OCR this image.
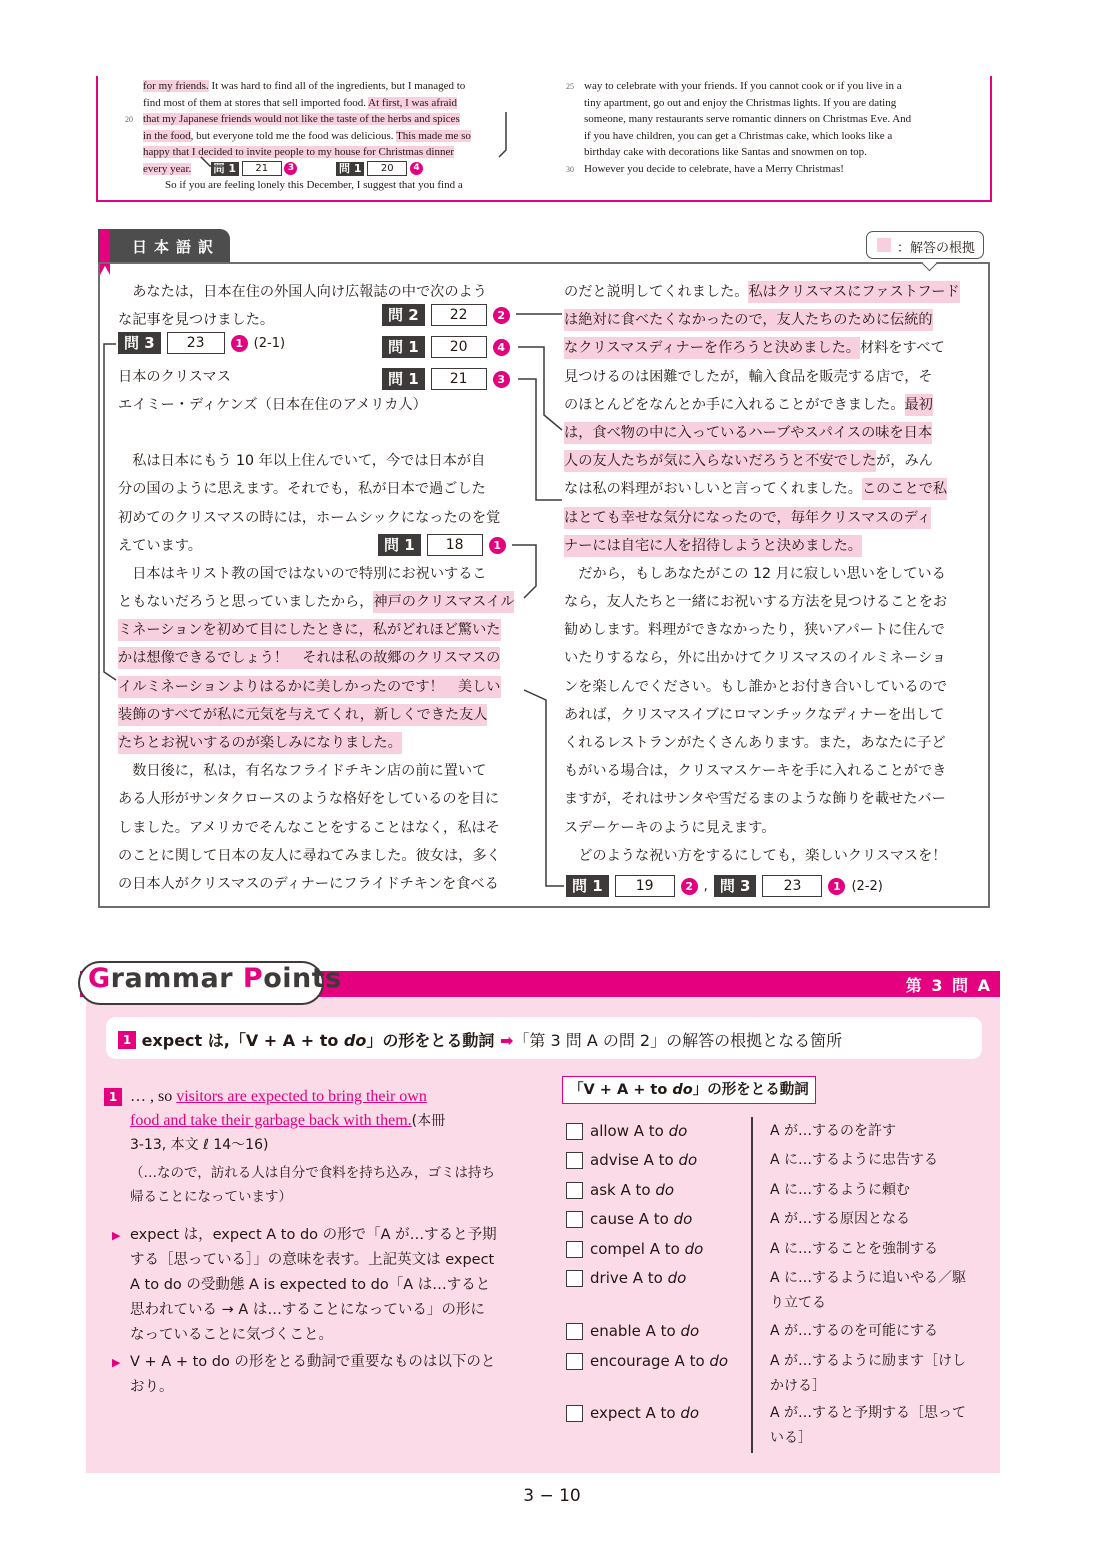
for my friends. It was hard to find all of the ingredients, but I managed to
find most of them at stores that sell imported food. At first, I was afraid
20 that my Japanese friends would not like the taste of the herbs and spices
in the food, but everyone told me the food was delicious. This made me so
happy that I decided to invite people to my house for Christmas dinner
every year. 問 1 21 3	問 1 20 4
So if you are feeling lonely this December, I suggest that you find a
25 way to celebrate with your friends. If you cannot cook or if you live in a
tiny apartment, go out and enjoy the Christmas lights. If you are dating
someone, many restaurants serve romantic dinners on Christmas Eve. And
if you have children, you can get a Christmas cake, which looks like a
birthday cake with decorations like Santas and snowmen on top.
30 However you decide to celebrate, have a Merry Christmas!
日本語訳	：解答の根拠
　あなたは，日本在住の外国人向け広報誌の中で次のよう
な記事を見つけました。
日本のクリスマス
エイミー・ディケンズ（日本在住のアメリカ人）
　私は日本にもう 10 年以上住んでいて，今では日本が自
分の国のように思えます。それでも，私が日本で過ごした
初めてのクリスマスの時には，ホームシックになったのを覚
えています。
　日本はキリスト教の国ではないので特別にお祝いするこ
ともないだろうと思っていましたから，神戸のクリスマスイル
ミネーションを初めて目にしたときに，私がどれほど驚いた
かは想像できるでしょう！　それは私の故郷のクリスマスの
イルミネーションよりはるかに美しかったのです！　美しい
装飾のすべてが私に元気を与えてくれ，新しくできた友人
たちとお祝いするのが楽しみになりました。
　数日後に，私は，有名なフライドチキン店の前に置いて
ある人形がサンタクロースのような格好をしているのを目に
しました。アメリカでそんなことをすることはなく，私はそ
のことに関して日本の友人に尋ねてみました。彼女は，多く
の日本人がクリスマスのディナーにフライドチキンを食べる
のだと説明してくれました。私はクリスマスにファストフード
は絶対に食べたくなかったので，友人たちのために伝統的
なクリスマスディナーを作ろうと決めました。材料をすべて
見つけるのは困難でしたが，輸入食品を販売する店で，そ
のほとんどをなんとか手に入れることができました。最初
は，食べ物の中に入っているハーブやスパイスの味を日本
人の友人たちが気に入らないだろうと不安でしたが，みん
なは私の料理がおいしいと言ってくれました。このことで私
はとても幸せな気分になったので，毎年クリスマスのディ
ナーには自宅に人を招待しようと決めました。
　だから，もしあなたがこの 12 月に寂しい思いをしている
なら，友人たちと一緒にお祝いする方法を見つけることをお
勧めします。料理ができなかったり，狭いアパートに住んで
いたりするなら，外に出かけてクリスマスのイルミネーショ
ンを楽しんでください。もし誰かとお付き合いしているので
あれば，クリスマスイブにロマンチックなディナーを出して
くれるレストランがたくさんあります。また，あなたに子ど
もがいる場合は，クリスマスケーキを手に入れることができ
ますが，それはサンタや雪だるまのような飾りを載せたバー
スデーケーキのように見えます。
　どのような祝い方をするにしても，楽しいクリスマスを！
問 2	22	2
問 3	23	1 (2-1)	問 1	20	4
問 1	21	3
問 1	18	1
問 1	19	2 , 問 3	23	1 (2-2)
第 3 問 A
Grammar Points
1 expect は,「V + A + to do」の形をとる動詞 ➡「第 3 問 A の問 2」の解答の根拠となる箇所
1 … , so visitors are expected to bring their own
food and take their garbage back with them.(本冊
3-13, 本文 ℓ 14〜16)
（…なので，訪れる人は自分で食料を持ち込み，ゴミは持ち
帰ることになっています）
▶ expect は，expect A to do の形で「A が…すると予期
する［思っている］」の意味を表す。上記英文は expect
A to do の受動態 A is expected to do「A は…すると
思われている → A は…することになっている」の形に
なっていることに気づくこと。
▶ V + A + to do の形をとる動詞で重要なものは以下のと
おり。
「V + A + to do」の形をとる動詞
allow A to do	A が…するのを許す
advise A to do	A に…するように忠告する
ask A to do	A に…するように頼む
cause A to do	A が…する原因となる
compel A to do	A に…することを強制する
drive A to do	A に…するように追いやる／駆
り立てる
enable A to do	A が…するのを可能にする
encourage A to do	A が…するように励ます［けし
かける］
expect A to do	A が…すると予期する［思って
いる］
3 − 10
